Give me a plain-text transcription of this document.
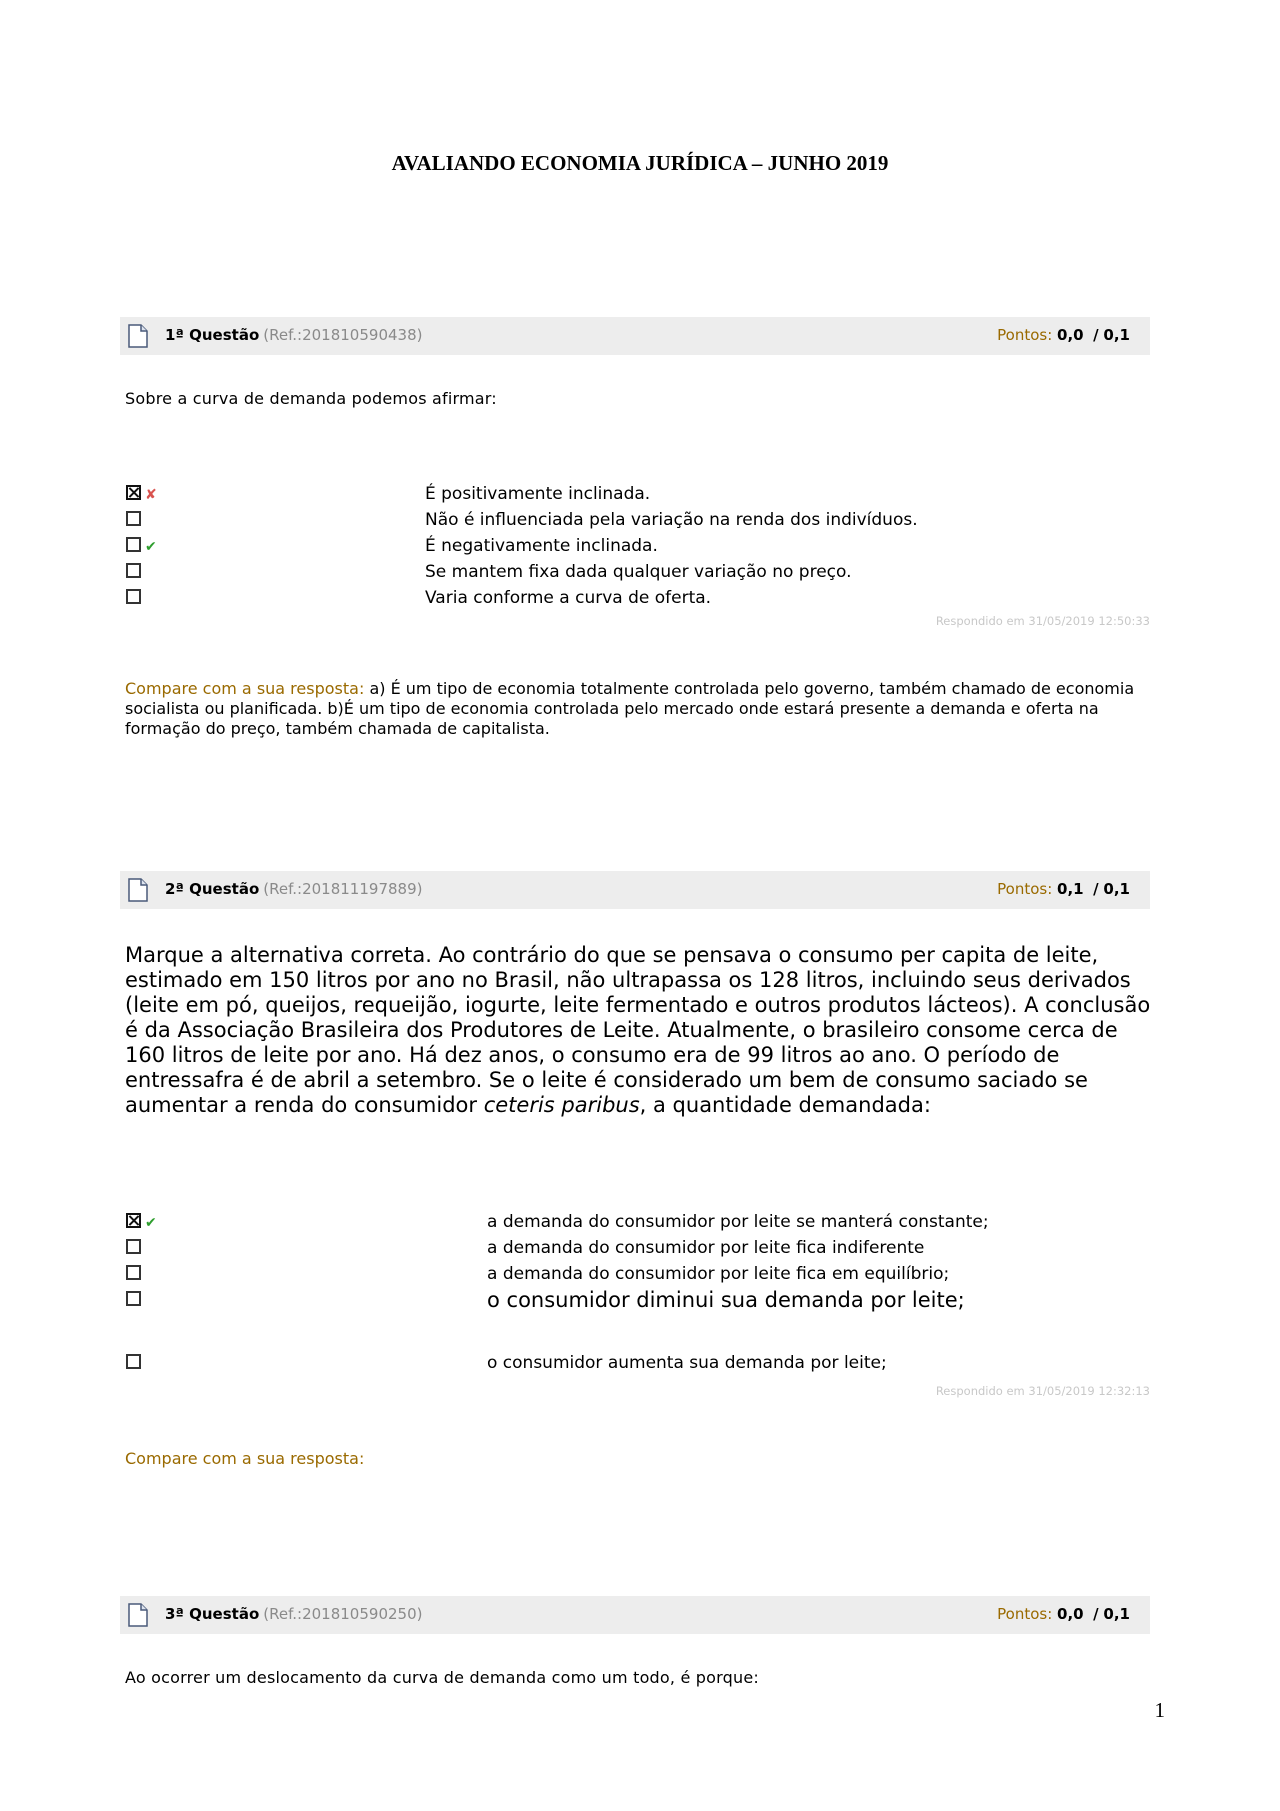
AVALIANDO ECONOMIA JURÍDICA – JUNHO 2019
1ª Questão (Ref.:201810590438)	Pontos: 0,0 / 0,1
Sobre a curva de demanda podemos afirmar:
✘	É positivamente inclinada.
Não é influenciada pela variação na renda dos indivíduos.
✔	É negativamente inclinada.
Se mantem fixa dada qualquer variação no preço.
Varia conforme a curva de oferta.
Respondido em 31/05/2019 12:50:33
Compare com a sua resposta: a) É um tipo de economia totalmente controlada pelo governo, também chamado de economia socialista ou planificada. b)É um tipo de economia controlada pelo mercado onde estará presente a demanda e oferta na formação do preço, também chamada de capitalista.
2ª Questão (Ref.:201811197889)	Pontos: 0,1 / 0,1
Marque a alternativa correta. Ao contrário do que se pensava o consumo per capita de leite, estimado em 150 litros por ano no Brasil, não ultrapassa os 128 litros, incluindo seus derivados (leite em pó, queijos, requeijão, iogurte, leite fermentado e outros produtos lácteos). A conclusão é da Associação Brasileira dos Produtores de Leite. Atualmente, o brasileiro consome cerca de 160 litros de leite por ano. Há dez anos, o consumo era de 99 litros ao ano. O período de entressafra é de abril a setembro. Se o leite é considerado um bem de consumo saciado se aumentar a renda do consumidor ceteris paribus, a quantidade demandada:
✔	a demanda do consumidor por leite se manterá constante;
a demanda do consumidor por leite fica indiferente
a demanda do consumidor por leite fica em equilíbrio;
o consumidor diminui sua demanda por leite;
o consumidor aumenta sua demanda por leite;
Respondido em 31/05/2019 12:32:13
Compare com a sua resposta:
3ª Questão (Ref.:201810590250)	Pontos: 0,0 / 0,1
Ao ocorrer um deslocamento da curva de demanda como um todo, é porque:
1
